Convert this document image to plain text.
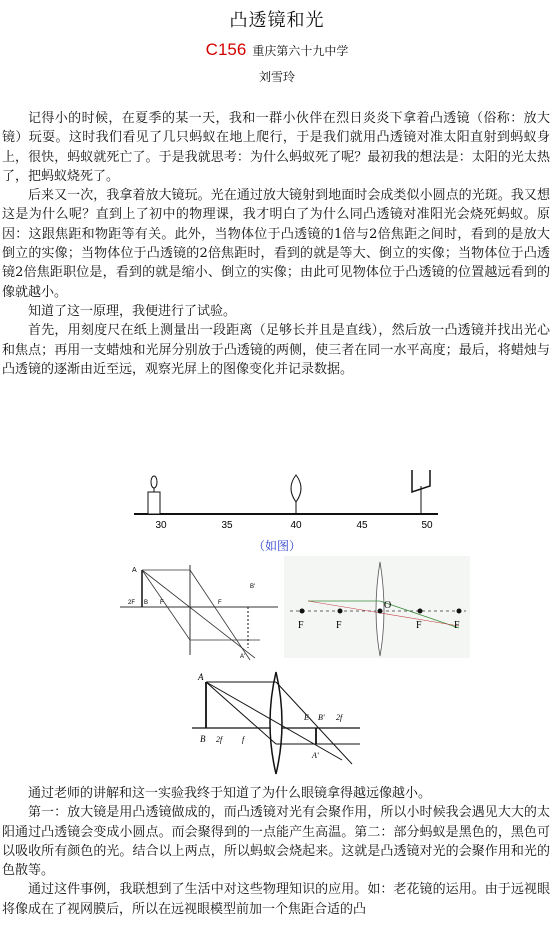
凸透镜和光
C156 重庆第六十九中学
刘雪玲

记得小的时候，在夏季的某一天，我和一群小伙伴在烈日炎炎下拿着凸透镜（俗称：放大镜）玩耍。这时我们看见了几只蚂蚁在地上爬行，于是我们就用凸透镜对准太阳直射到蚂蚁身上，很快，蚂蚁就死亡了。于是我就思考：为什么蚂蚁死了呢？最初我的想法是：太阳的光太热了，把蚂蚁烧死了。

后来又一次，我拿着放大镜玩。光在通过放大镜射到地面时会成类似小圆点的光斑。我又想这是为什么呢？直到上了初中的物理课，我才明白了为什么同凸透镜对准阳光会烧死蚂蚁。原因：这跟焦距和物距等有关。此外，当物体位于凸透镜的1倍与2倍焦距之间时，看到的是放大倒立的实像；当物体位于凸透镜的2倍焦距时，看到的就是等大、倒立的实像；当物体位于凸透镜2倍焦距职位是，看到的就是缩小、倒立的实像；由此可见物体位于凸透镜的位置越远看到的像就越小。

知道了这一原理，我便进行了试验。

首先，用刻度尺在纸上测量出一段距离（足够长并且是直线），然后放一凸透镜并找出光心和焦点；再用一支蜡烛和光屏分别放于凸透镜的两侧，使三者在同一水平高度；最后，将蜡烛与凸透镜的逐渐由近至远，观察光屏上的图像变化并记录数据。

30	35	40	45	50
（如图）
A
2F B F	F
B'
A'
F	F
O
F	F
A
B 2f f
E B' 2f
A'

通过老师的讲解和这一实验我终于知道了为什么眼镜拿得越远像越小。

第一：放大镜是用凸透镜做成的，而凸透镜对光有会聚作用，所以小时候我会遇见大大的太阳通过凸透镜会变成小圆点。而会聚得到的一点能产生高温。第二：部分蚂蚁是黑色的，黑色可以吸收所有颜色的光。结合以上两点，所以蚂蚁会烧起来。这就是凸透镜对光的会聚作用和光的色散等。

通过这件事例，我联想到了生活中对这些物理知识的应用。如：老花镜的运用。由于远视眼将像成在了视网膜后，所以在远视眼模型前加一个焦距合适的凸
